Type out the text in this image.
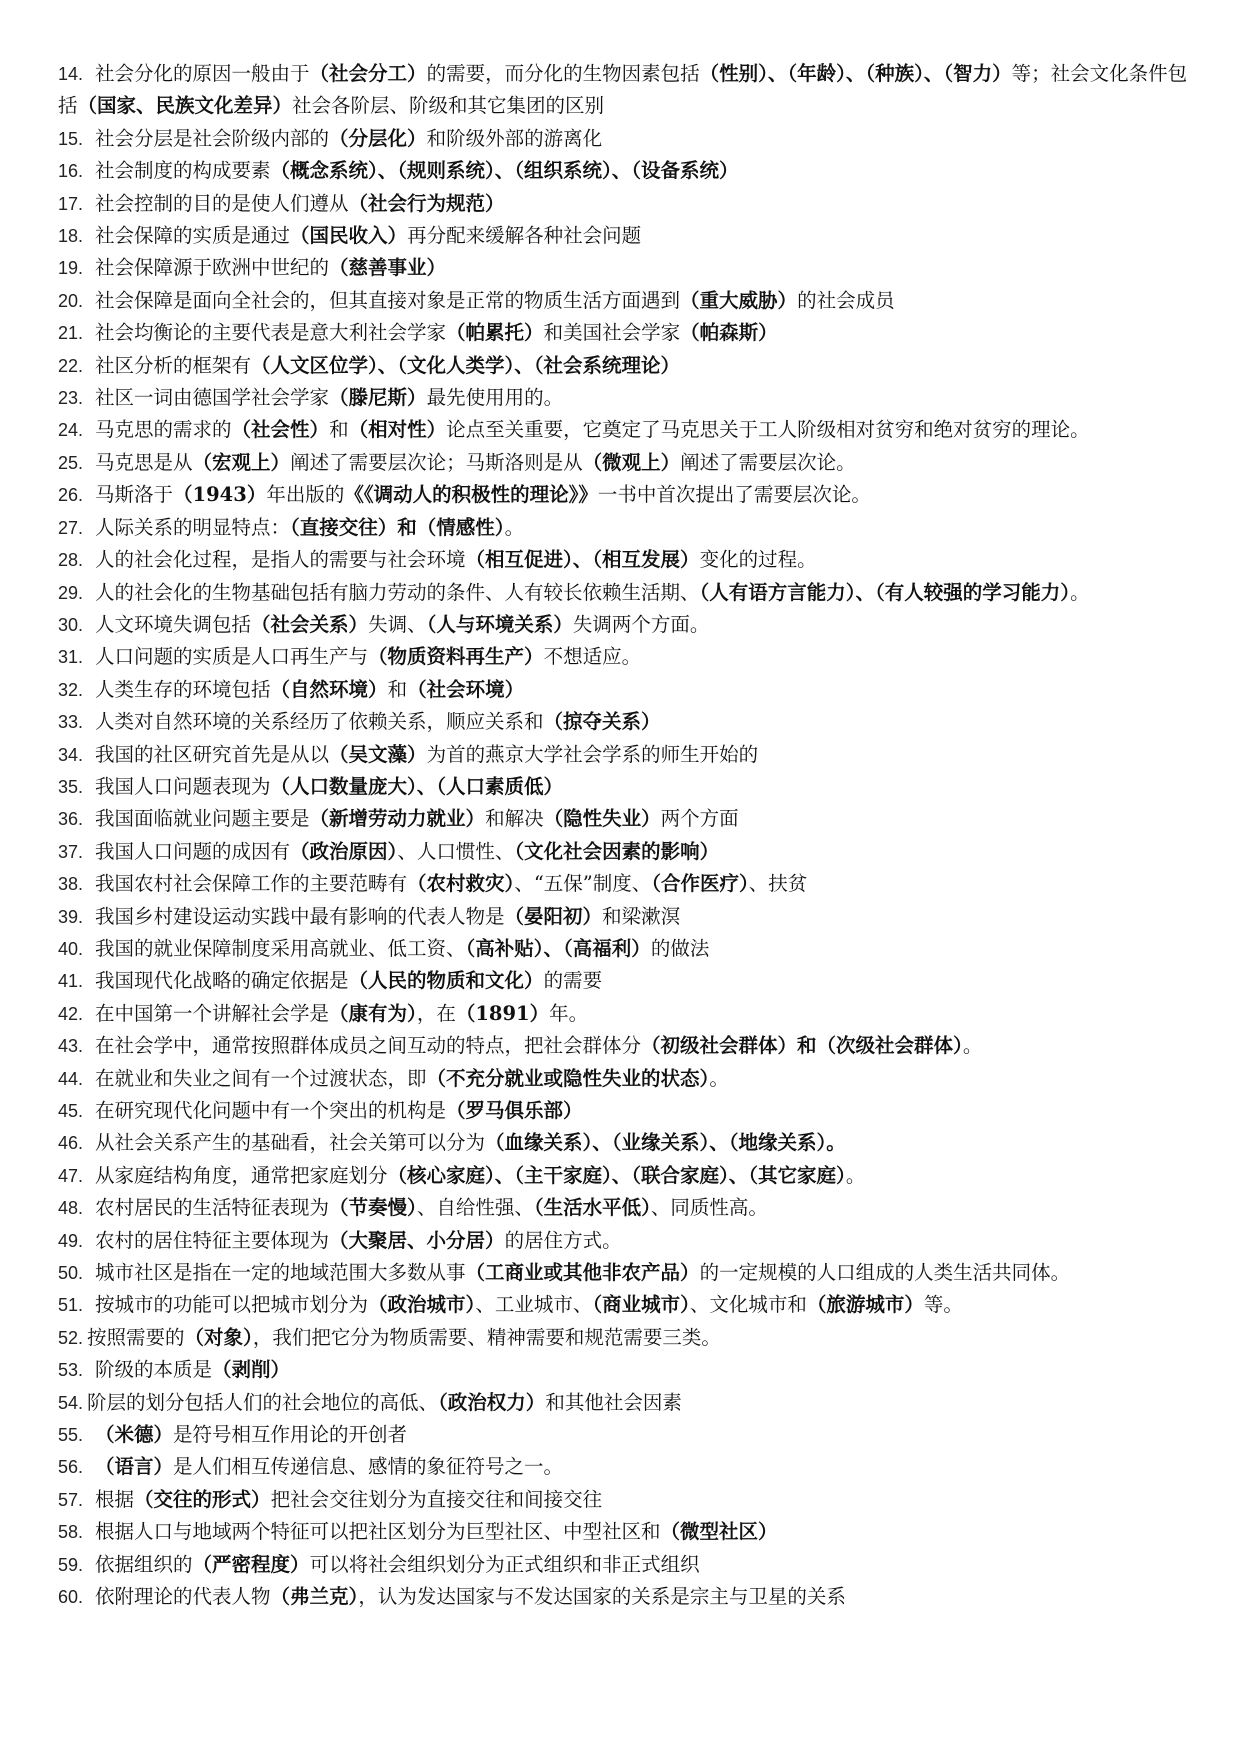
14. 社会分化的原因一般由于（社会分工）的需要，而分化的生物因素包括（性别）、（年龄）、（种族）、（智力）等；社会文化条件包括（国家、民族文化差异）社会各阶层、阶级和其它集团的区别

15. 社会分层是社会阶级内部的（分层化）和阶级外部的游离化

16. 社会制度的构成要素（概念系统）、（规则系统）、（组织系统）、（设备系统）

17. 社会控制的目的是使人们遵从（社会行为规范）

18. 社会保障的实质是通过（国民收入）再分配来缓解各种社会问题

19. 社会保障源于欧洲中世纪的（慈善事业）

20. 社会保障是面向全社会的，但其直接对象是正常的物质生活方面遇到（重大威胁）的社会成员

21. 社会均衡论的主要代表是意大利社会学家（帕累托）和美国社会学家（帕森斯）

22. 社区分析的框架有（人文区位学）、（文化人类学）、（社会系统理论）

23. 社区一词由德国学社会学家（滕尼斯）最先使用用的。

24. 马克思的需求的（社会性）和（相对性）论点至关重要，它奠定了马克思关于工人阶级相对贫穷和绝对贫穷的理论。

25. 马克思是从（宏观上）阐述了需要层次论；马斯洛则是从（微观上）阐述了需要层次论。

26. 马斯洛于（1943）年出版的《《调动人的积极性的理论》》一书中首次提出了需要层次论。

27. 人际关系的明显特点：（直接交往）和（情感性）。

28. 人的社会化过程，是指人的需要与社会环境（相互促进）、（相互发展）变化的过程。

29. 人的社会化的生物基础包括有脑力劳动的条件、人有较长依赖生活期、（人有语方言能力）、（有人较强的学习能力）。

30. 人文环境失调包括（社会关系）失调、（人与环境关系）失调两个方面。

31. 人口问题的实质是人口再生产与（物质资料再生产）不想适应。

32. 人类生存的环境包括（自然环境）和（社会环境）

33. 人类对自然环境的关系经历了依赖关系，顺应关系和（掠夺关系）

34. 我国的社区研究首先是从以（吴文藻）为首的燕京大学社会学系的师生开始的

35. 我国人口问题表现为（人口数量庞大）、（人口素质低）

36. 我国面临就业问题主要是（新增劳动力就业）和解决（隐性失业）两个方面

37. 我国人口问题的成因有（政治原因）、人口惯性、（文化社会因素的影响）

38. 我国农村社会保障工作的主要范畴有（农村救灾）、“五保”制度、（合作医疗）、扶贫

39. 我国乡村建设运动实践中最有影响的代表人物是（晏阳初）和梁漱溟

40. 我国的就业保障制度采用高就业、低工资、（高补贴）、（高福利）的做法

41. 我国现代化战略的确定依据是（人民的物质和文化）的需要

42. 在中国第一个讲解社会学是（康有为），在（1891）年。

43. 在社会学中，通常按照群体成员之间互动的特点，把社会群体分（初级社会群体）和（次级社会群体）。

44. 在就业和失业之间有一个过渡状态，即（不充分就业或隐性失业的状态）。

45. 在研究现代化问题中有一个突出的机构是（罗马俱乐部）

46. 从社会关系产生的基础看，社会关第可以分为（血缘关系）、（业缘关系）、（地缘关系）。

47. 从家庭结构角度，通常把家庭划分（核心家庭）、（主干家庭）、（联合家庭）、（其它家庭）。

48. 农村居民的生活特征表现为（节奏慢）、自给性强、（生活水平低）、同质性高。

49. 农村的居住特征主要体现为（大聚居、小分居）的居住方式。

50. 城市社区是指在一定的地域范围大多数从事（工商业或其他非农产品）的一定规模的人口组成的人类生活共同体。

51. 按城市的功能可以把城市划分为（政治城市）、工业城市、（商业城市）、文化城市和（旅游城市）等。

52. 按照需要的（对象），我们把它分为物质需要、精神需要和规范需要三类。

53. 阶级的本质是（剥削）

54. 阶层的划分包括人们的社会地位的高低、（政治权力）和其他社会因素

55. （米德）是符号相互作用论的开创者

56. （语言）是人们相互传递信息、感情的象征符号之一。

57. 根据（交往的形式）把社会交往划分为直接交往和间接交往

58. 根据人口与地域两个特征可以把社区划分为巨型社区、中型社区和（微型社区）

59. 依据组织的（严密程度）可以将社会组织划分为正式组织和非正式组织

60. 依附理论的代表人物（弗兰克），认为发达国家与不发达国家的关系是宗主与卫星的关系
